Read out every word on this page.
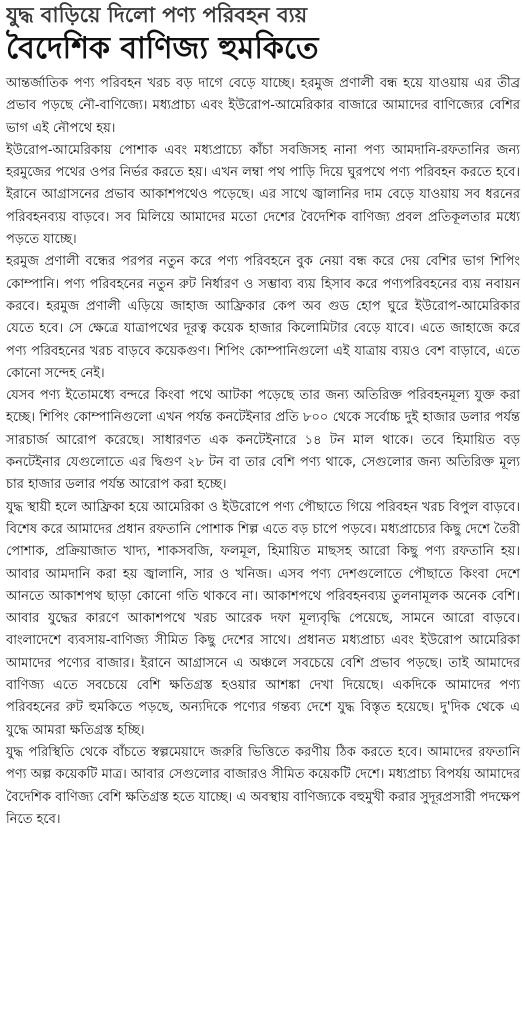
যুদ্ধ বাড়িয়ে দিলো পণ্য পরিবহন ব্যয়
বৈদেশিক বাণিজ্য হুমকিতে

আন্তর্জাতিক পণ্য পরিবহন খরচ বড় দাগে বেড়ে যাচ্ছে। হরমুজ প্রণালী বন্ধ হয়ে যাওয়ায় এর তীব্র প্রভাব পড়ছে নৌ-বাণিজ্যে। মধ্যপ্রাচ্য এবং ইউরোপ-আমেরিকার বাজারে আমাদের বাণিজ্যের বেশির ভাগ এই নৌপথে হয়।

ইউরোপ-আমেরিকায় পোশাক এবং মধ্যপ্রাচ্যে কাঁচা সবজিসহ নানা পণ্য আমদানি-রফতানির জন্য হরমুজের পথের ওপর নির্ভর করতে হয়। এখন লম্বা পথ পাড়ি দিয়ে ঘুরপথে পণ্য পরিবহন করতে হবে। ইরানে আগ্রাসনের প্রভাব আকাশপথেও পড়েছে। এর সাথে জ্বালানির দাম বেড়ে যাওয়ায় সব ধরনের পরিবহনব্যয় বাড়বে। সব মিলিয়ে আমাদের মতো দেশের বৈদেশিক বাণিজ্য প্রবল প্রতিকূলতার মধ্যে পড়তে যাচ্ছে।

হরমুজ প্রণালী বন্ধের পরপর নতুন করে পণ্য পরিবহনে বুক নেয়া বন্ধ করে দেয় বেশির ভাগ শিপিং কোম্পানি। পণ্য পরিবহনের নতুন রুট নির্ধারণ ও সম্ভাব্য ব্যয় হিসাব করে পণ্যপরিবহনের ব্যয় নবায়ন করবে। হরমুজ প্রণালী এড়িয়ে জাহাজ আফ্রিকার কেপ অব গুড হোপ ঘুরে ইউরোপ-আমেরিকার যেতে হবে। সে ক্ষেত্রে যাত্রাপথের দূরত্ব কয়েক হাজার কিলোমিটার বেড়ে যাবে। এতে জাহাজে করে পণ্য পরিবহনের খরচ বাড়বে কয়েকগুণ। শিপিং কোম্পানিগুলো এই যাত্রায় ব্যয়ও বেশ বাড়াবে, এতে কোনো সন্দেহ নেই।

যেসব পণ্য ইতোমধ্যে বন্দরে কিংবা পথে আটকা পড়েছে তার জন্য অতিরিক্ত পরিবহনমূল্য যুক্ত করা হচ্ছে। শিপিং কোম্পানিগুলো এখন পর্যন্ত কনটেইনার প্রতি ৮০০ থেকে সর্বোচ্চ দুই হাজার ডলার পর্যন্ত সারচার্জ আরোপ করেছে। সাধারণত এক কনটেইনারে ১৪ টন মাল থাকে। তবে হিমায়িত বড় কনটেইনার যেগুলোতে এর দ্বিগুণ ২৮ টন বা তার বেশি পণ্য থাকে, সেগুলোর জন্য অতিরিক্ত মূল্য চার হাজার ডলার পর্যন্ত আরোপ করা হচ্ছে।

যুদ্ধ স্থায়ী হলে আফ্রিকা হয়ে আমেরিকা ও ইউরোপে পণ্য পৌছাতে গিয়ে পরিবহন খরচ বিপুল বাড়বে। বিশেষ করে আমাদের প্রধান রফতানি পোশাক শিল্প এতে বড় চাপে পড়বে। মধ্যপ্রাচ্যের কিছু দেশে তৈরী পোশাক, প্রক্রিয়াজাত খাদ্য, শাকসবজি, ফলমূল, হিমায়িত মাছসহ আরো কিছু পণ্য রফতানি হয়। আবার আমদানি করা হয় জ্বালানি, সার ও খনিজ। এসব পণ্য দেশগুলোতে পৌছাতে কিংবা দেশে আনতে আকাশপথ ছাড়া কোনো গতি থাকবে না। আকাশপথে পরিবহনব্যয় তুলনামূলক অনেক বেশি। আবার যুদ্ধের কারণে আকাশপথে খরচ আরেক দফা মূল্যবৃদ্ধি পেয়েছে, সামনে আরো বাড়বে। বাংলাদেশে ব্যবসায়-বাণিজ্য সীমিত কিছু দেশের সাথে। প্রধানত মধ্যপ্রাচ্য এবং ইউরোপ আমেরিকা আমাদের পণ্যের বাজার। ইরানে আগ্রাসনে এ অঞ্চলে সবচেয়ে বেশি প্রভাব পড়ছে। তাই আমাদের বাণিজ্য এতে সবচেয়ে বেশি ক্ষতিগ্রস্ত হওয়ার আশঙ্কা দেখা দিয়েছে। একদিকে আমাদের পণ্য পরিবহনের রুট হুমকিতে পড়ছে, অন্যদিকে পণ্যের গন্তব্য দেশে যুদ্ধ বিস্তৃত হয়েছে। দু'দিক থেকে এ যুদ্ধে আমরা ক্ষতিগ্রস্ত হচ্ছি।

যুদ্ধ পরিস্থিতি থেকে বাঁচতে স্বল্পমেয়াদে জরুরি ভিত্তিতে করণীয় ঠিক করতে হবে। আমাদের রফতানি পণ্য অল্প কয়েকটি মাত্র। আবার সেগুলোর বাজারও সীমিত কয়েকটি দেশে। মধ্যপ্রাচ্য বিপর্যয় আমাদের বৈদেশিক বাণিজ্য বেশি ক্ষতিগ্রস্ত হতে যাচ্ছে। এ অবস্থায় বাণিজ্যকে বহুমুখী করার সুদূরপ্রসারী পদক্ষেপ নিতে হবে।
